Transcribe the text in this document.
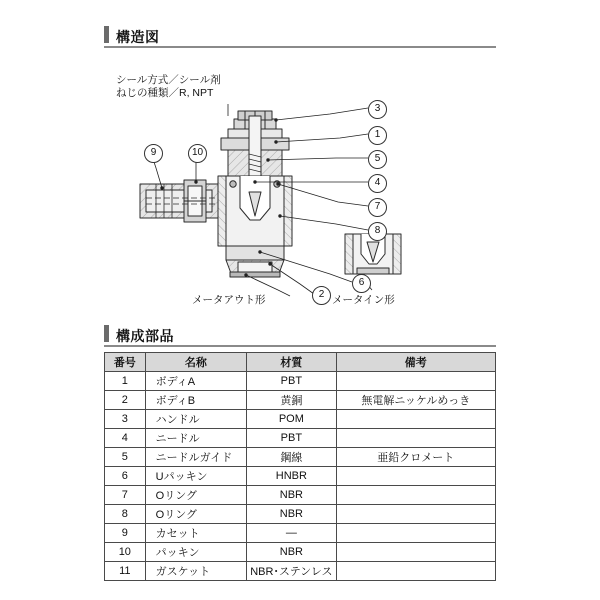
構造図
シール方式／シール剤
ねじの種類／R, NPT
メータアウト形	メータイン形
3
1
5
4
7
8
6
2
9	10
構成部品
番号	名称	材質	備考
1	ボディA	PBT	
2	ボディB	黄銅	無電解ニッケルめっき
3	ハンドル	POM	
4	ニードル	PBT	
5	ニードルガイド	鋼線	亜鉛クロメート
6	Uパッキン	HNBR	
7	Oリング	NBR	
8	Oリング	NBR	
9	カセット	—	
10	パッキン	NBR	
11	ガスケット	NBR･ステンレス	
